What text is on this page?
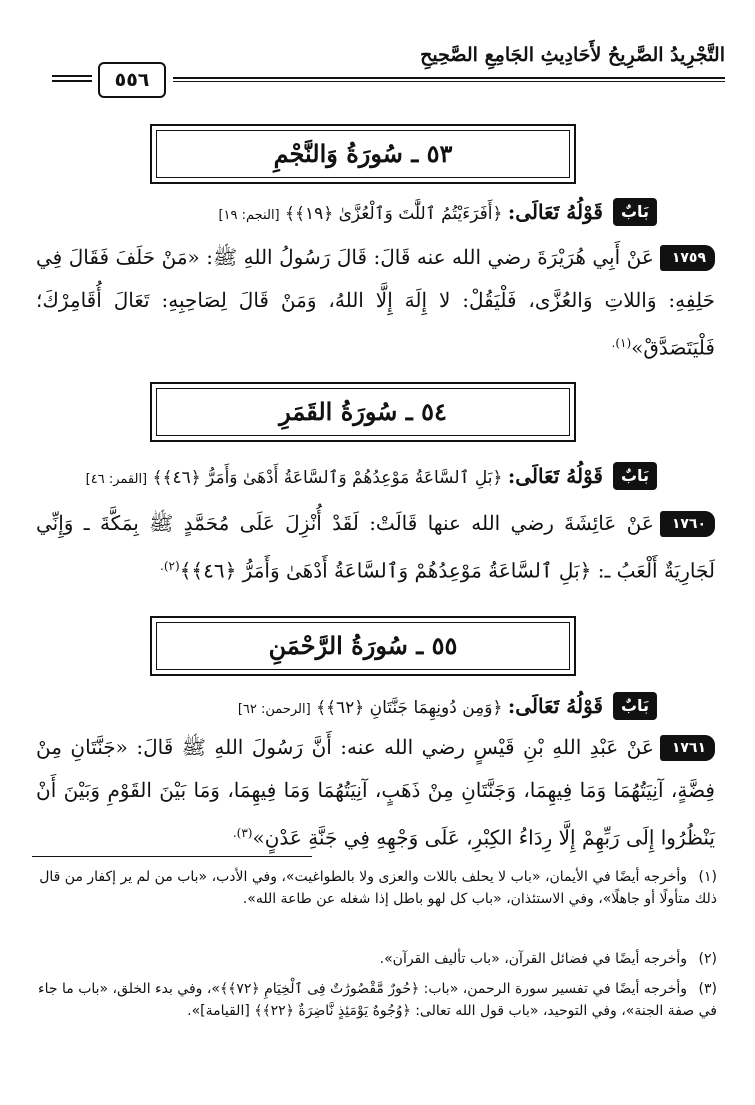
التَّجْرِيدُ الصَّرِيحُ لأَحَادِيثِ الجَامِعِ الصَّحِيحِ
٥٥٦
٥٣ ـ سُورَةُ وَالنَّجْمِ
بَابٌ
قَوْلُهُ تَعَالَى: ﴿أَفَرَءَيْتُمُ ٱللَّٰتَ وَٱلْعُزَّىٰ ﴿١٩﴾﴾ [النجم: ١٩]
١٧٥٩عَنْ أَبِي هُرَيْرَةَ رضي الله عنه قَالَ: قَالَ رَسُولُ اللهِ ﷺ: «مَنْ حَلَفَ فَقَالَ فِي حَلِفِهِ: وَاللاتِ وَالعُزَّى، فَلْيَقُلْ: لا إِلَهَ إِلَّا اللهُ، وَمَنْ قَالَ لِصَاحِبِهِ: تَعَالَ أُقَامِرْكَ؛ فَلْيَتَصَدَّقْ»$^{(١).}$
٥٤ ـ سُورَةُ القَمَرِ
بَابٌ
قَوْلُهُ تَعَالَى: ﴿بَلِ ٱلسَّاعَةُ مَوْعِدُهُمْ وَٱلسَّاعَةُ أَدْهَىٰ وَأَمَرُّ ﴿٤٦﴾﴾ [القمر: ٤٦]
١٧٦٠عَنْ عَائِشَةَ رضي الله عنها قَالَتْ: لَقَدْ أُنْزِلَ عَلَى مُحَمَّدٍ ﷺ بِمَكَّةَ ـ وَإِنِّي لَجَارِيَةٌ أَلْعَبُ ـ: ﴿بَلِ ٱلسَّاعَةُ مَوْعِدُهُمْ وَٱلسَّاعَةُ أَدْهَىٰ وَأَمَرُّ ﴿٤٦﴾﴾$^{(٢).}$
٥٥ ـ سُورَةُ الرَّحْمَنِ
بَابٌ
قَوْلُهُ تَعَالَى: ﴿وَمِن دُونِهِمَا جَنَّتَانِ ﴿٦٢﴾﴾ [الرحمن: ٦٢]
١٧٦١عَنْ عَبْدِ اللهِ بْنِ قَيْسٍ رضي الله عنه: أَنَّ رَسُولَ اللهِ ﷺ قَالَ: «جَنَّتَانِ مِنْ فِضَّةٍ، آنِيَتُهُمَا وَمَا فِيهِمَا، وَجَنَّتَانِ مِنْ ذَهَبٍ، آنِيَتُهُمَا وَمَا فِيهِمَا، وَمَا بَيْنَ القَوْمِ وَبَيْنَ أَنْ يَنْظُرُوا إِلَى رَبِّهِمْ إِلَّا رِدَاءُ الكِبْرِ، عَلَى وَجْهِهِ فِي جَنَّةِ عَدْنٍ»$^{(٣).}$
(١)وأخرجه أيضًا في الأيمان، «باب لا يحلف باللات والعزى ولا بالطواغيت»، وفي الأدب، «باب من لم ير إكفار من قال ذلك متأولًا أو جاهلًا»، وفي الاستئذان، «باب كل لهو باطل إذا شغله عن طاعة الله».
(٢)وأخرجه أيضًا في فضائل القرآن، «باب تأليف القرآن».
(٣)وأخرجه أيضًا في تفسير سورة الرحمن، «باب: ﴿حُورٌ مَّقْصُورَٰتٌ فِى ٱلْخِيَامِ ﴿٧٢﴾﴾»، وفي بدء الخلق، «باب ما جاء في صفة الجنة»، وفي التوحيد، «باب قول الله تعالى: ﴿وُجُوهٌ يَوْمَئِذٍ نَّاضِرَةٌ ﴿٢٢﴾﴾ [القيامة]».
